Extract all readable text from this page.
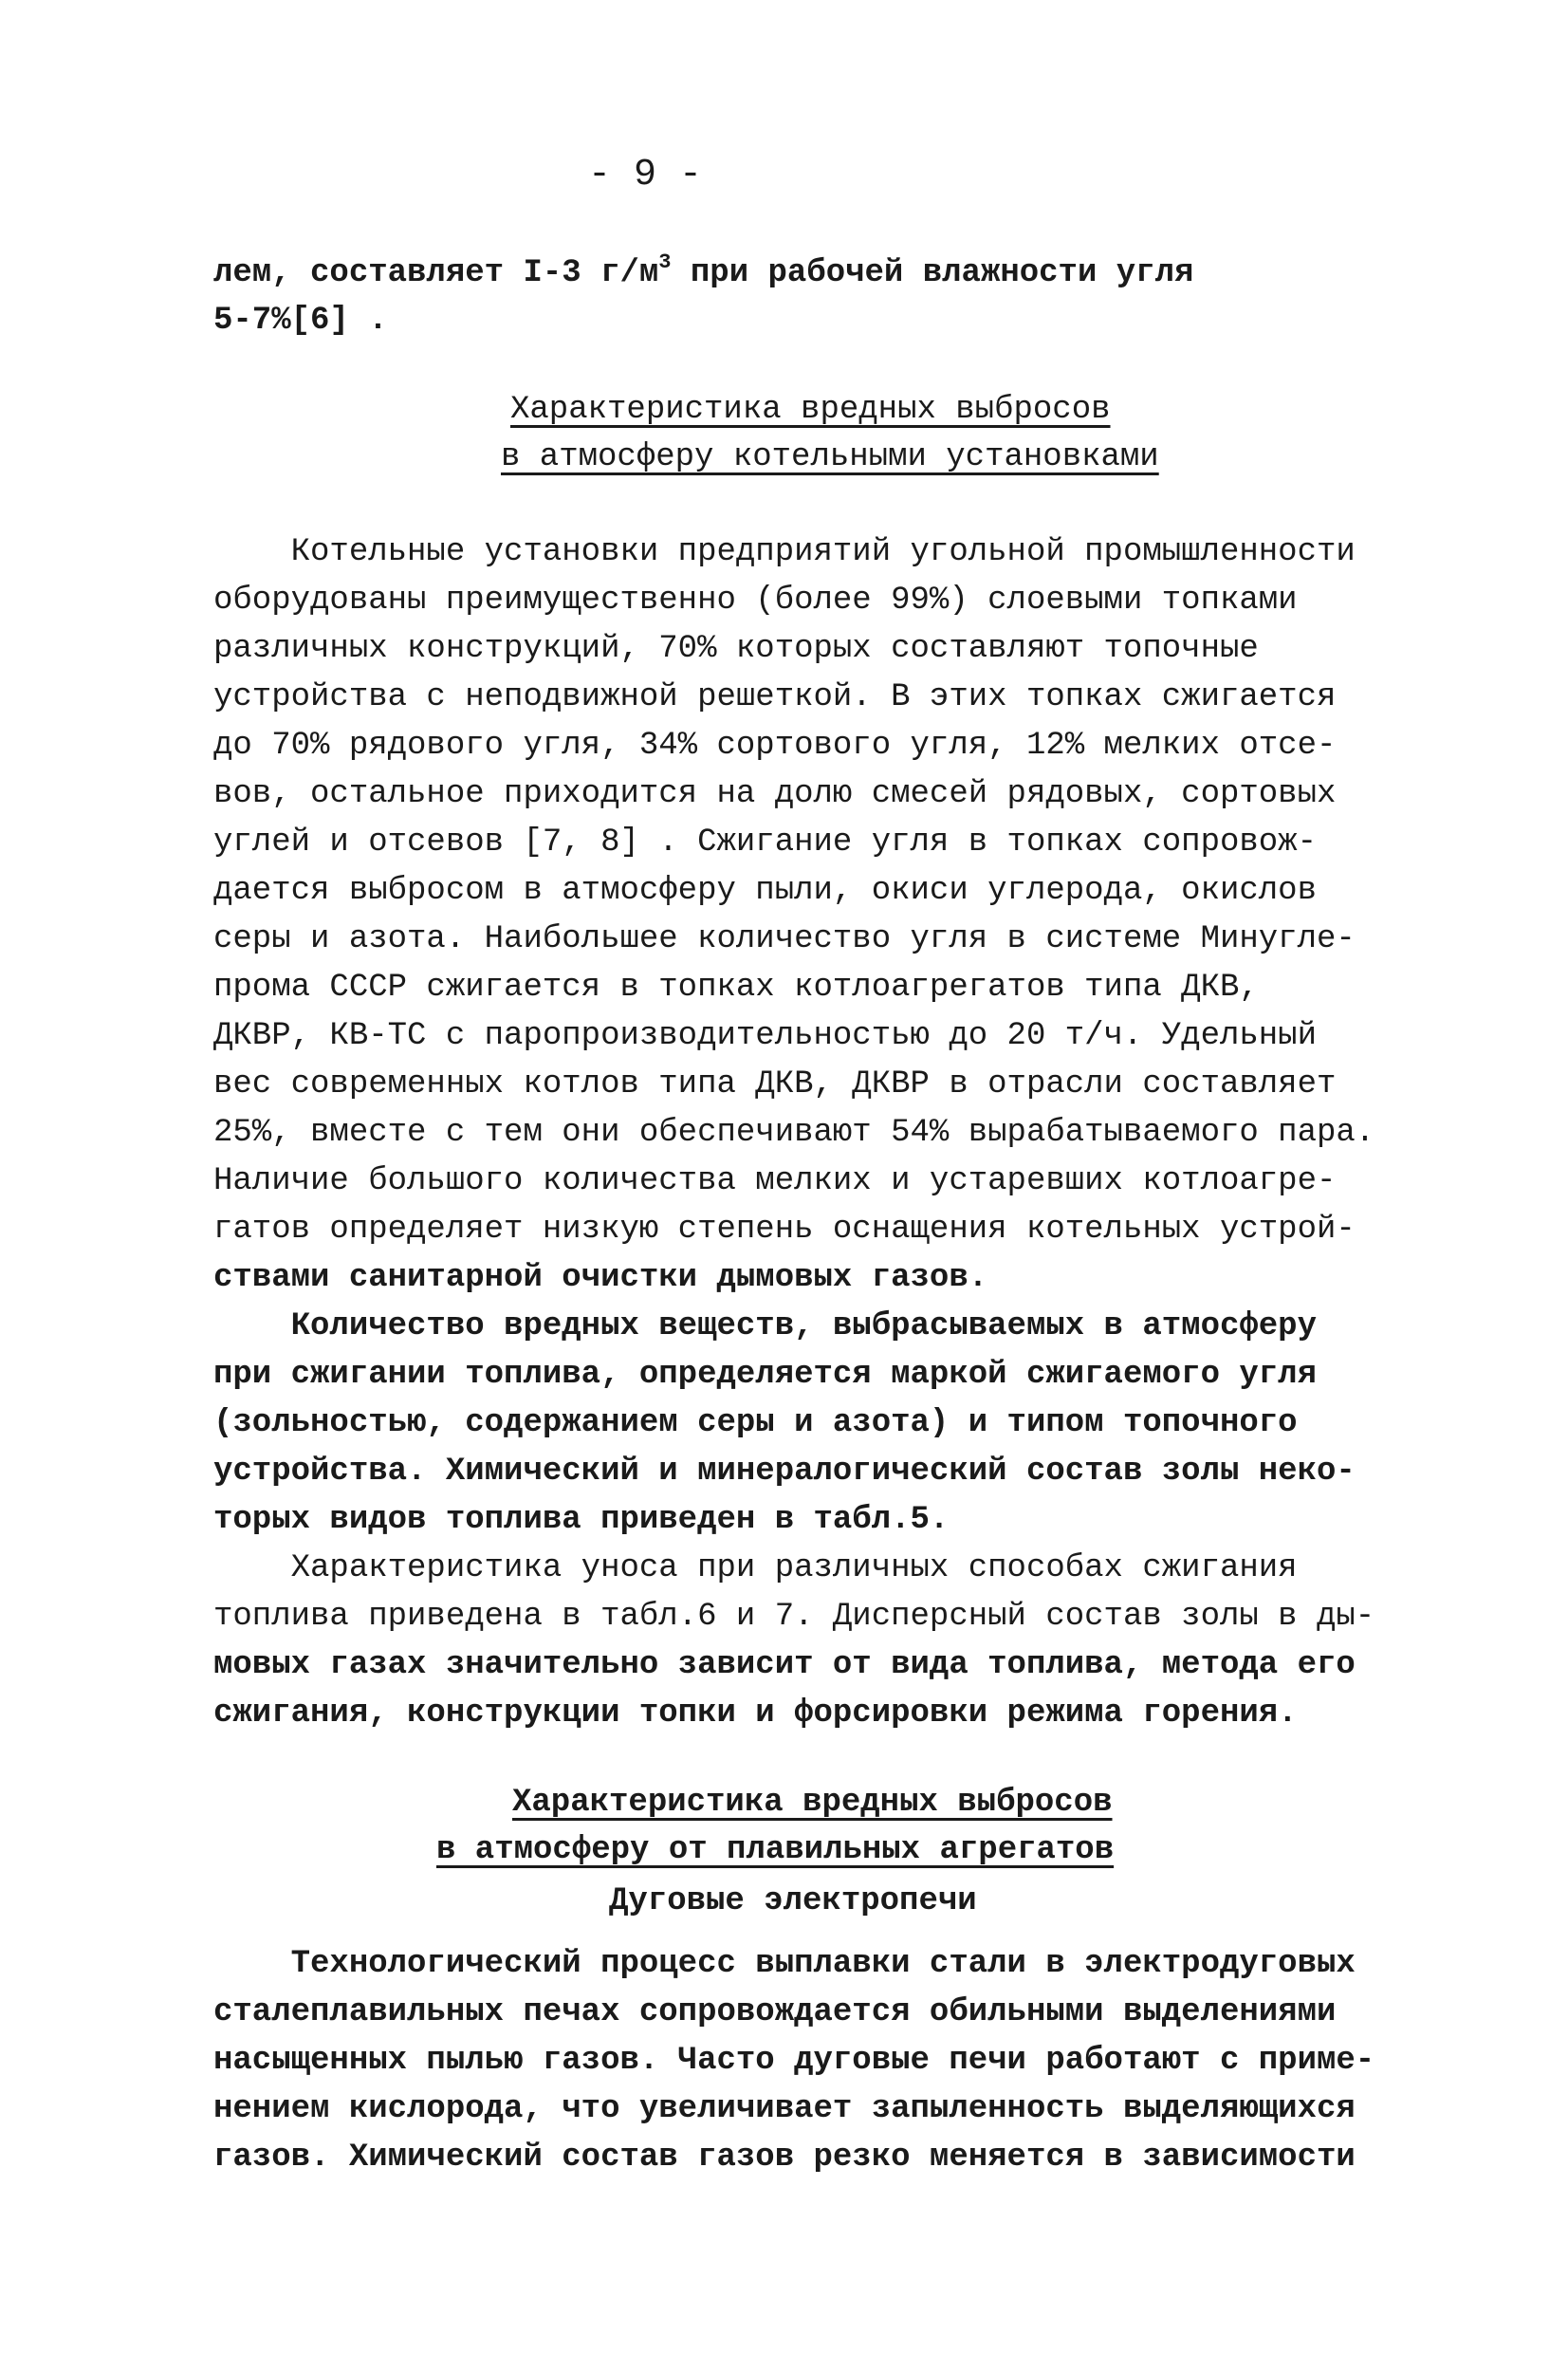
- 9 -
лем, составляет I-3 $г/м^3$ при рабочей влажности угля
5-7%[6] .
Характеристика вредных выбросов
в атмосферу котельными установками
Котельные установки предприятий угольной промышленности
оборудованы преимущественно (более 99%) слоевыми топками
различных конструкций, 70% которых составляют топочные
устройства с неподвижной решеткой. В этих топках сжигается
до 70% рядового угля, 34% сортового угля, 12% мелких отсе-
вов, остальное приходится на долю смесей рядовых, сортовых
углей и отсевов [7, 8] . Сжигание угля в топках сопровож-
дается выбросом в атмосферу пыли, окиси углерода, окислов
серы и азота. Наибольшее количество угля в системе Минугле-
прома СССР сжигается в топках котлоагрегатов типа ДКВ,
ДКВР, КВ-ТС с паропроизводительностью до 20 т/ч. Удельный
вес современных котлов типа ДКВ, ДКВР в отрасли составляет
25%, вместе с тем они обеспечивают 54% вырабатываемого пара.
Наличие большого количества мелких и устаревших котлоагре-
гатов определяет низкую степень оснащения котельных устрой-
ствами санитарной очистки дымовых газов.
Количество вредных веществ, выбрасываемых в атмосферу
при сжигании топлива, определяется маркой сжигаемого угля
(зольностью, содержанием серы и азота) и типом топочного
устройства. Химический и минералогический состав золы неко-
торых видов топлива приведен в табл.5.
Характеристика уноса при различных способах сжигания
топлива приведена в табл.6 и 7. Дисперсный состав золы в ды-
мовых газах значительно зависит от вида топлива, метода его
сжигания, конструкции топки и форсировки режима горения.
Характеристика вредных выбросов
в атмосферу от плавильных агрегатов
Дуговые электропечи
Технологический процесс выплавки стали в электродуговых
сталеплавильных печах сопровождается обильными выделениями
насыщенных пылью газов. Часто дуговые печи работают с приме-
нением кислорода, что увеличивает запыленность выделяющихся
газов. Химический состав газов резко меняется в зависимости
